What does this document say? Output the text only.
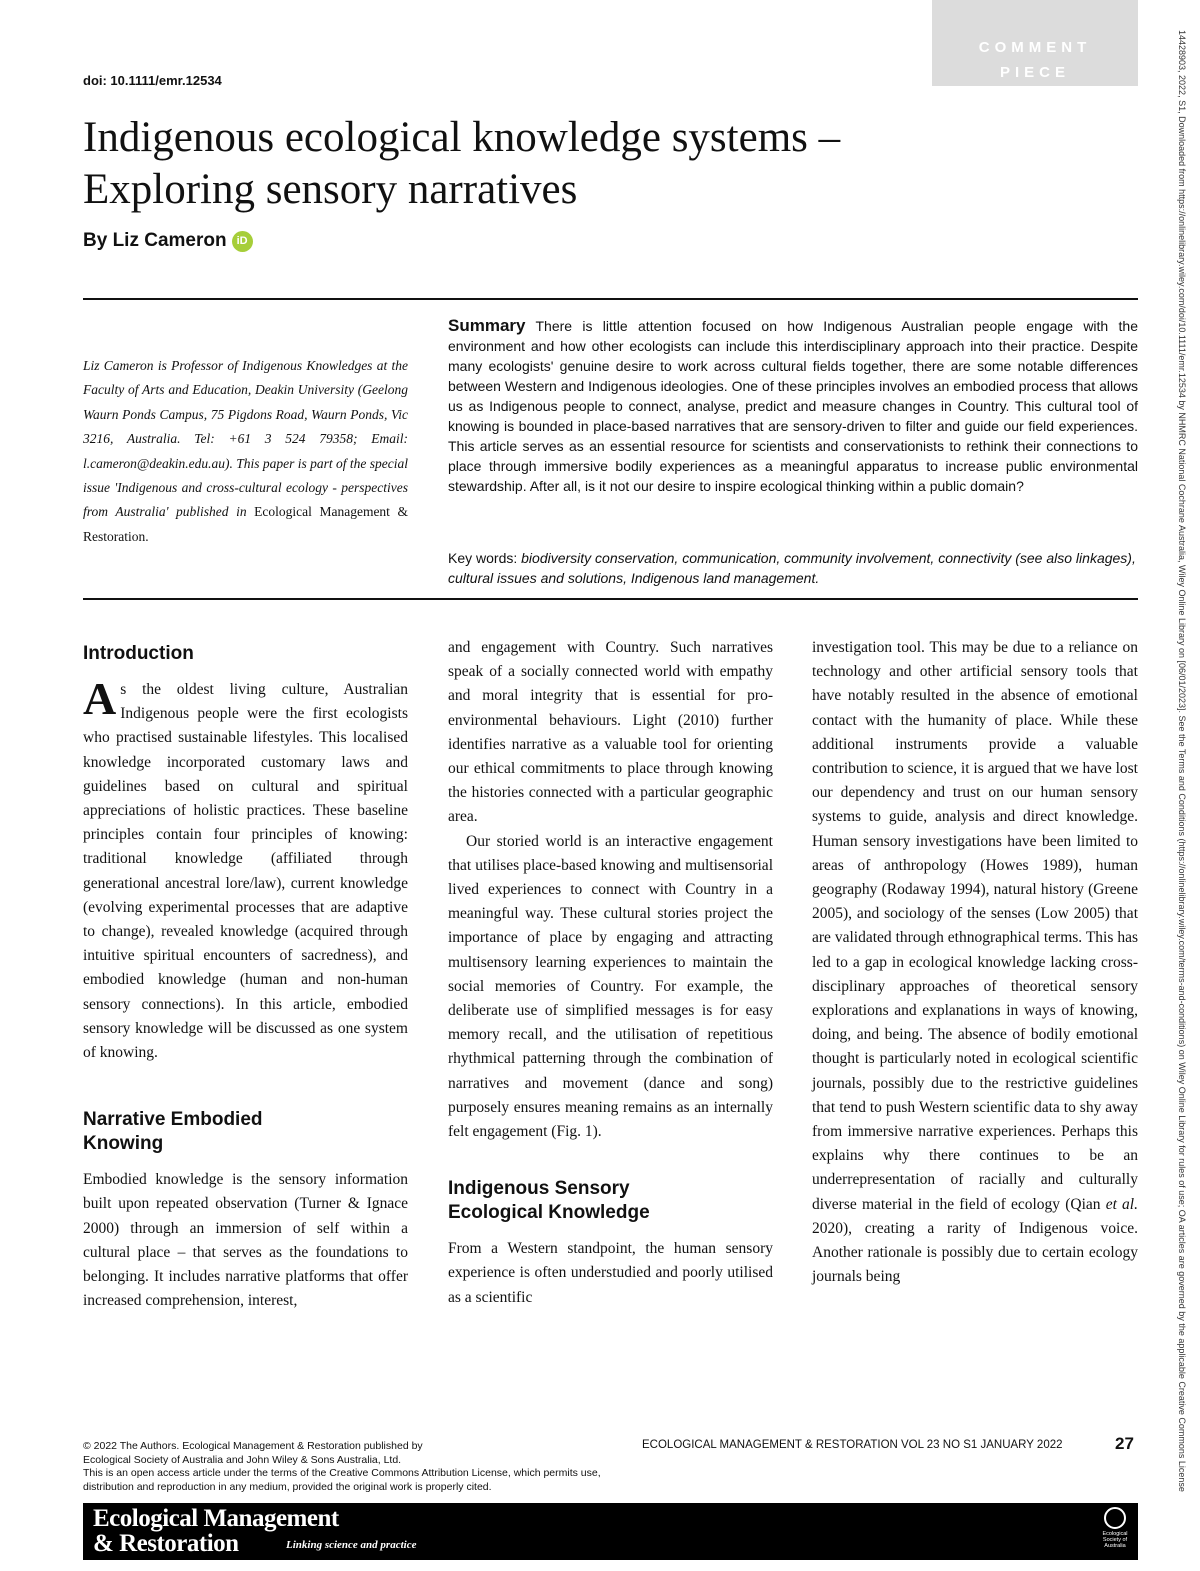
doi: 10.1111/emr.12534
COMMENT
PIECE	14428903, 2022, S1, Downloaded from https://onlinelibrary.wiley.com/doi/10.1111/emr.12534 by NHMRC National Cochrane Australia, Wiley Online Library on [06/01/2023]. See the Terms and Conditions (https://onlinelibrary.wiley.com/terms-and-conditions) on Wiley Online Library for rules of use; OA articles are governed by the applicable Creative Commons License
Indigenous ecological knowledge systems –
Exploring sensory narratives
By Liz Cameron iD
Liz Cameron is Professor of Indigenous Knowledges at the Faculty of Arts and Education, Deakin University (Geelong Waurn Ponds Campus, 75 Pigdons Road, Waurn Ponds, Vic 3216, Australia. Tel: +61 3 524 79358; Email: l.cameron@deakin.edu.au). This paper is part of the special issue 'Indigenous and cross-cultural ecology - perspectives from Australia' published in Ecological Management & Restoration.
Summary There is little attention focused on how Indigenous Australian people engage with the environment and how other ecologists can include this interdisciplinary approach into their practice. Despite many ecologists' genuine desire to work across cultural fields together, there are some notable differences between Western and Indigenous ideologies. One of these principles involves an embodied process that allows us as Indigenous people to connect, analyse, predict and measure changes in Country. This cultural tool of knowing is bounded in place-based narratives that are sensory-driven to filter and guide our field experiences. This article serves as an essential resource for scientists and conservationists to rethink their connections to place through immersive bodily experiences as a meaningful apparatus to increase public environmental stewardship. After all, is it not our desire to inspire ecological thinking within a public domain?
Key words: biodiversity conservation, communication, community involvement, connectivity (see also linkages), cultural issues and solutions, Indigenous land management.
Introduction

As the oldest living culture, Australian Indigenous people were the first ecologists who practised sustainable lifestyles. This localised knowledge incorporated customary laws and guidelines based on cultural and spiritual appreciations of holistic practices. These baseline principles contain four principles of knowing: traditional knowledge (affiliated through generational ancestral lore/law), current knowledge (evolving experimental processes that are adaptive to change), revealed knowledge (acquired through intuitive spiritual encounters of sacredness), and embodied knowledge (human and non-human sensory connections). In this article, embodied sensory knowledge will be discussed as one system of knowing.

Narrative Embodied
Knowing

Embodied knowledge is the sensory information built upon repeated observation (Turner & Ignace 2000) through an immersion of self within a cultural place – that serves as the foundations to belonging. It includes narrative platforms that offer increased comprehension, interest,

and engagement with Country. Such narratives speak of a socially connected world with empathy and moral integrity that is essential for pro-environmental behaviours. Light (2010) further identifies narrative as a valuable tool for orienting our ethical commitments to place through knowing the histories connected with a particular geographic area.

Our storied world is an interactive engagement that utilises place-based knowing and multisensorial lived experiences to connect with Country in a meaningful way. These cultural stories project the importance of place by engaging and attracting multisensory learning experiences to maintain the social memories of Country. For example, the deliberate use of simplified messages is for easy memory recall, and the utilisation of repetitious rhythmical patterning through the combination of narratives and movement (dance and song) purposely ensures meaning remains as an internally felt engagement (Fig. 1).

Indigenous Sensory
Ecological Knowledge

From a Western standpoint, the human sensory experience is often understudied and poorly utilised as a scientific

investigation tool. This may be due to a reliance on technology and other artificial sensory tools that have notably resulted in the absence of emotional contact with the humanity of place. While these additional instruments provide a valuable contribution to science, it is argued that we have lost our dependency and trust on our human sensory systems to guide, analysis and direct knowledge. Human sensory investigations have been limited to areas of anthropology (Howes 1989), human geography (Rodaway 1994), natural history (Greene 2005), and sociology of the senses (Low 2005) that are validated through ethnographical terms. This has led to a gap in ecological knowledge lacking cross-disciplinary approaches of theoretical sensory explorations and explanations in ways of knowing, doing, and being. The absence of bodily emotional thought is particularly noted in ecological scientific journals, possibly due to the restrictive guidelines that tend to push Western scientific data to shy away from immersive narrative experiences. Perhaps this explains why there continues to be an underrepresentation of racially and culturally diverse material in the field of ecology (Qian et al. 2020), creating a rarity of Indigenous voice. Another rationale is possibly due to certain ecology journals being

© 2022 The Authors. Ecological Management & Restoration published by
Ecological Society of Australia and John Wiley & Sons Australia, Ltd.
This is an open access article under the terms of the Creative Commons Attribution License, which permits use,
distribution and reproduction in any medium, provided the original work is properly cited.
ECOLOGICAL MANAGEMENT & RESTORATION VOL 23 NO S1 JANUARY 2022	27
Ecological Management
& Restoration	Linking science and practice
Ecological Society of Australia
